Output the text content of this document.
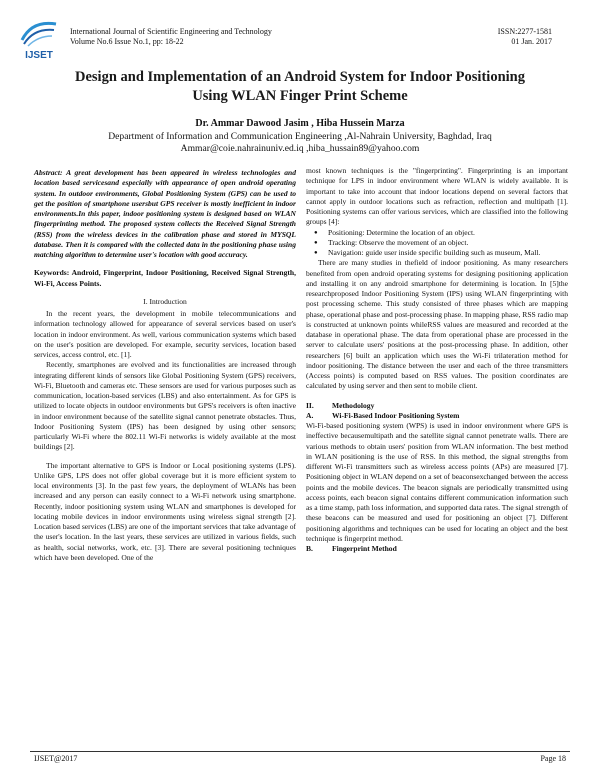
IJSET
International Journal of Scientific Engineering and Technology
Volume No.6 Issue No.1, pp: 18-22
ISSN:2277-1581
01 Jan. 2017
Design and Implementation of an Android System for Indoor Positioning
Using WLAN Finger Print Scheme
Dr. Ammar Dawood Jasim , Hiba Hussein Marza
Department of Information and Communication Engineering ,Al-Nahrain University, Baghdad, Iraq
Ammar@coie.nahrainuniv.ed.iq ,hiba_hussain89@yahoo.com

Abstract: A great development has been appeared in wireless technologies and location based servicesand especially with appearance of open android operating system. In outdoor environments, Global Positioning System (GPS) can be used to get the position of smartphone usersbut GPS receiver is mostly inefficient in indoor environments.In this paper, indoor positioning system is designed based on WLAN fingerprinting method. The proposed system collects the Received Signal Strength (RSS) from the wireless devices in the calibration phase and stored in MYSQL database. Then it is compared with the collected data in the positioning phase using matching algorithm to determine user's location with good accuracy.

Keywords: Android, Fingerprint, Indoor Positioning, Received Signal Strength, Wi-Fi, Access Points.

I. Introduction

In the recent years, the development in mobile telecommunications and information technology allowed for appearance of several services based on user's location in indoor environment. As well, various communication systems which based on the user's position are developed. For example, security services, location based services, access control, etc. [1].

Recently, smartphones are evolved and its functionalities are increased through integrating different kinds of sensors like Global Positioning System (GPS) receivers, Wi-Fi, Bluetooth and cameras etc. These sensors are used for various purposes such as communication, location-based services (LBS) and also entertainment. As for GPS is utilized to locate objects in outdoor environments but GPS's receivers is often inactive in indoor environment because of the satellite signal cannot penetrate obstacles. Thus, Indoor Positioning System (IPS) has been designed by using other sensors; particularly Wi-Fi where the 802.11 Wi-Fi networks is widely available at the most buildings [2].

The important alternative to GPS is Indoor or Local positioning systems (LPS). Unlike GPS, LPS does not offer global coverage but it is more efficient system to local environments [3]. In the past few years, the deployment of WLANs has been increased and any person can easily connect to a Wi-Fi network using smartphone. Recently, indoor positioning system using WLAN and smartphones is developed for locating mobile devices in indoor environments using wireless signal strength [2]. Location based services (LBS) are one of the important services that take advantage of the user's location. In the last years, these services are utilized in various fields, such as health, social networks, work, etc. [3]. There are several positioning techniques which have been developed. One of the

most known techniques is the "fingerprinting". Fingerprinting is an important technique for LPS in indoor environment where WLAN is widely available. It is important to take into account that indoor locations depend on several factors that cannot apply in outdoor locations such as refraction, reflection and multipath [1]. Positioning systems can offer various services, which are classified into the following groups [4]:

● Positioning: Determine the location of an object.
● Tracking: Observe the movement of an object.
● Navigation: guide user inside specific building such as museum, Mall.

There are many studies in thefield of indoor positioning. As many researchers benefited from open android operating systems for designing positioning application and installing it on any android smartphone for determining is location. In [5]the researchproposed Indoor Positioning System (IPS) using WLAN fingerprinting with post processing scheme. This study consisted of three phases which are mapping phase, operational phase and post-processing phase. In mapping phase, RSS radio map is constructed at unknown points whileRSS values are measured and recorded at the database in operational phase. The data from operational phase are processed in the server to calculate users' positions at the post-processing phase. In addition, other researchers [6] built an application which uses the Wi-Fi trilateration method for indoor positioning. The distance between the user and each of the three transmitters (Access points) is computed based on RSS values. The position coordinates are calculated by using server and then sent to mobile client.

II. Methodology

A. Wi-Fi-Based Indoor Positioning System

Wi-Fi-based positioning system (WPS) is used in indoor environment where GPS is ineffective becausemultipath and the satellite signal cannot penetrate walls. There are various methods to obtain users' position from WLAN information. The best method in WLAN positioning is the use of RSS. In this method, the signal strengths from different Wi-Fi transmitters such as wireless access points (APs) are measured [7]. Positioning object in WLAN depend on a set of beaconsexchanged between the access points and the mobile devices. The beacon signals are periodically transmitted using access points, each beacon signal contains different communication information such as a time stamp, path loss information, and supported data rates. The signal strength of these beacons can be measured and used for positioning an object [7]. Different positioning algorithms and techniques can be used for locating an object and the best technique is fingerprint method.

B.	Fingerprint Method

IJSET@2017	Page 18
